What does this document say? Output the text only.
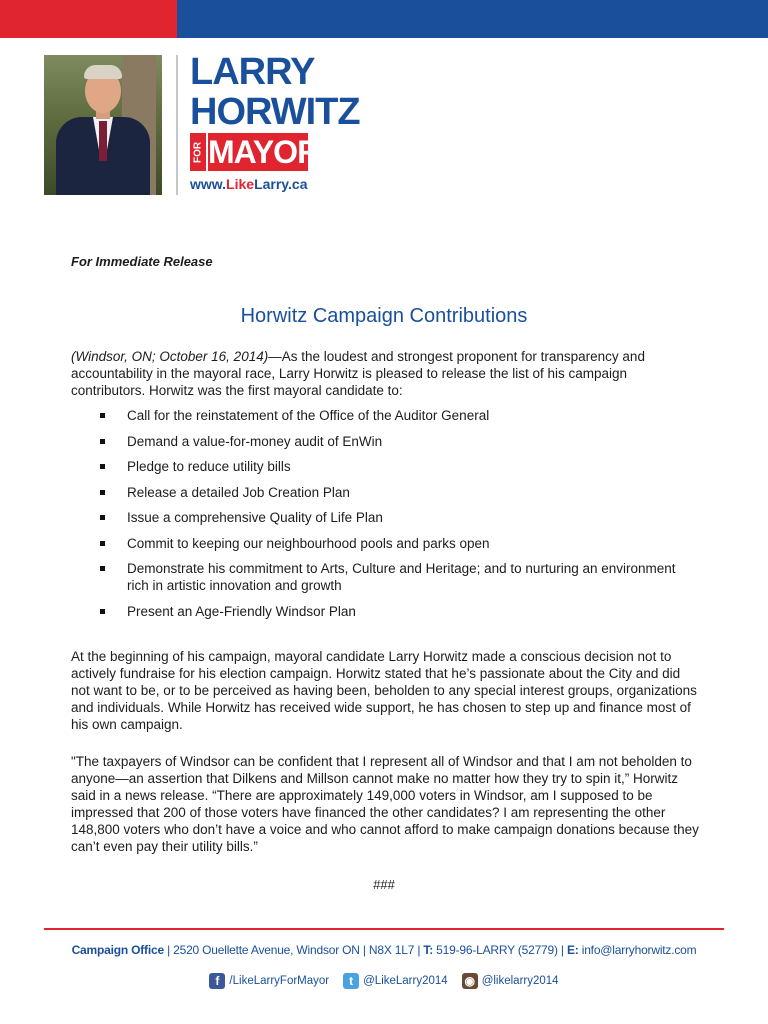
LARRY
HORWITZ
FOR MAYOR
www.LikeLarry.ca
For Immediate Release
Horwitz Campaign Contributions
(Windsor, ON; October 16, 2014)—As the loudest and strongest proponent for transparency and accountability in the mayoral race, Larry Horwitz is pleased to release the list of his campaign contributors. Horwitz was the first mayoral candidate to:
Call for the reinstatement of the Office of the Auditor General
Demand a value-for-money audit of EnWin
Pledge to reduce utility bills
Release a detailed Job Creation Plan
Issue a comprehensive Quality of Life Plan
Commit to keeping our neighbourhood pools and parks open
Demonstrate his commitment to Arts, Culture and Heritage; and to nurturing an environment rich in artistic innovation and growth
Present an Age-Friendly Windsor Plan

At the beginning of his campaign, mayoral candidate Larry Horwitz made a conscious decision not to actively fundraise for his election campaign. Horwitz stated that he’s passionate about the City and did not want to be, or to be perceived as having been, beholden to any special interest groups, organizations and individuals. While Horwitz has received wide support, he has chosen to step up and finance most of his own campaign.

"The taxpayers of Windsor can be confident that I represent all of Windsor and that I am not beholden to anyone—an assertion that Dilkens and Millson cannot make no matter how they try to spin it,” Horwitz said in a news release. “There are approximately 149,000 voters in Windsor, am I supposed to be impressed that 200 of those voters have financed the other candidates? I am representing the other 148,800 voters who don’t have a voice and who cannot afford to make campaign donations because they can’t even pay their utility bills.”

###
Campaign Office | 2520 Ouellette Avenue, Windsor ON | N8X 1L7 | T: 519-96-LARRY (52779) | E: info@larryhorwitz.com
f /LikeLarryForMayor	t @LikeLarry2014 ◉ @likelarry2014
